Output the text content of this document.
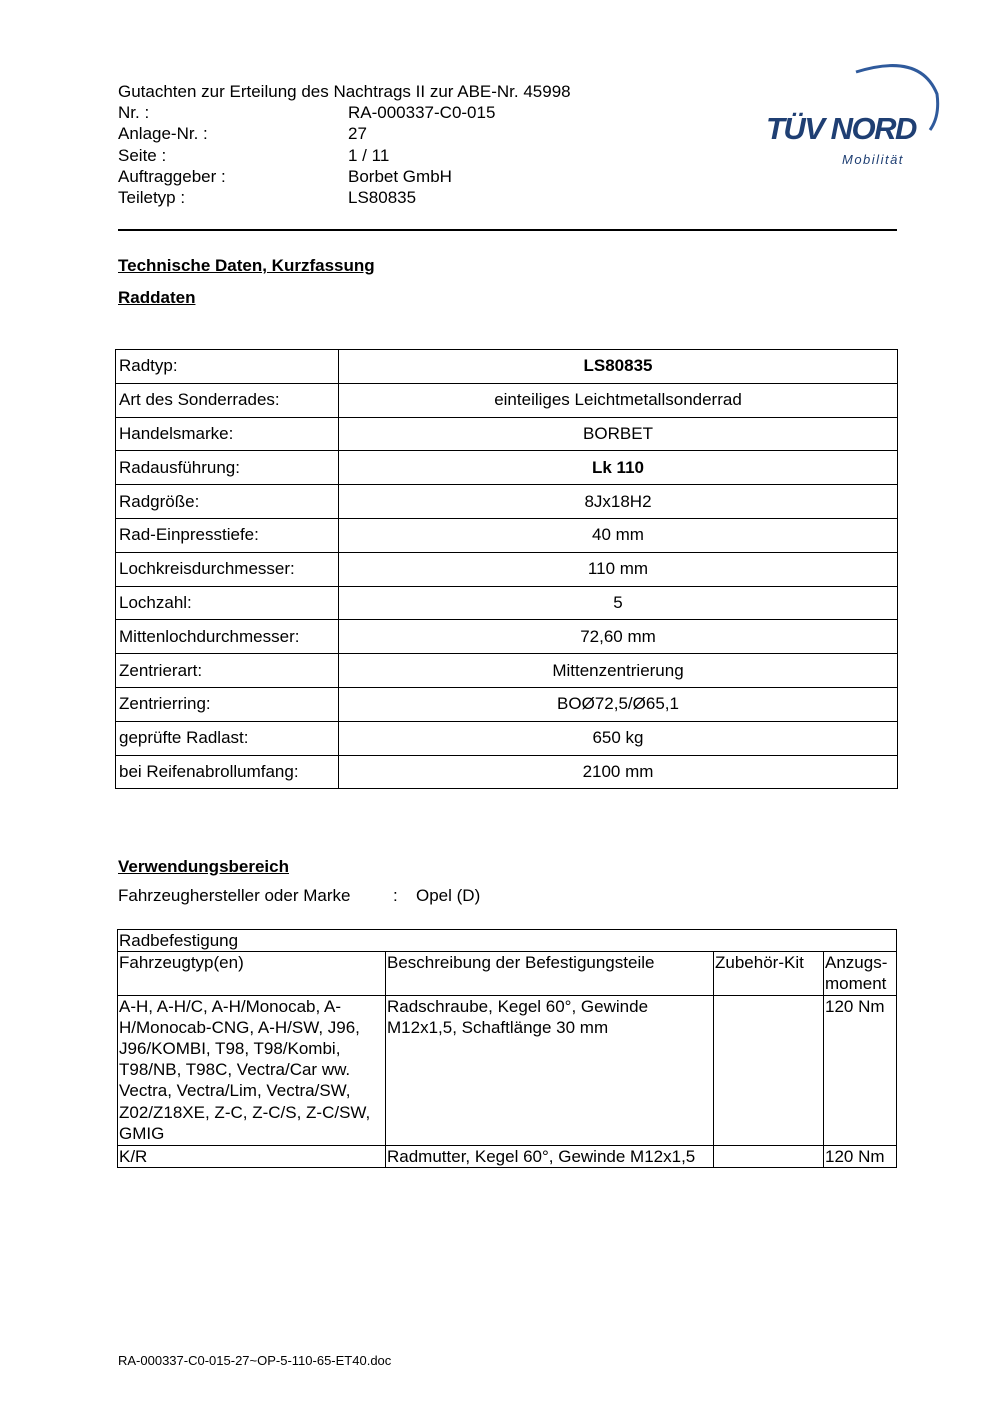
Gutachten zur Erteilung des Nachtrags II zur ABE-Nr. 45998
Nr. :	RA-000337-C0-015
Anlage-Nr. :	27
Seite :	1 / 11
Auftraggeber :	Borbet GmbH
Teiletyp :	LS80835
TÜV NORD
Mobilität
Technische Daten, Kurzfassung
Raddaten
Radtyp:	LS80835
Art des Sonderrades:	einteiliges Leichtmetallsonderrad
Handelsmarke:	BORBET
Radausführung:	Lk 110
Radgröße:	8Jx18H2
Rad-Einpresstiefe:	40 mm
Lochkreisdurchmesser:	110 mm
Lochzahl:	5
Mittenlochdurchmesser:	72,60 mm
Zentrierart:	Mittenzentrierung
Zentrierring:	BOØ72,5/Ø65,1
geprüfte Radlast:	650 kg
bei Reifenabrollumfang:	2100 mm
Verwendungsbereich
Fahrzeughersteller oder Marke	:	Opel (D)
Radbefestigung			
Fahrzeugtyp(en)	Beschreibung der Befestigungsteile	Zubehör-Kit	Anzugs-moment
A-H, A-H/C, A-H/Monocab, A-H/Monocab-CNG, A-H/SW, J96, J96/KOMBI, T98, T98/Kombi, T98/NB, T98C, Vectra/Car ww. Vectra, Vectra/Lim, Vectra/SW, Z02/Z18XE, Z-C, Z-C/S, Z-C/SW, GMIG	Radschraube, Kegel 60°, Gewinde M12x1,5, Schaftlänge 30 mm		120 Nm
K/R	Radmutter, Kegel 60°, Gewinde M12x1,5		120 Nm
RA-000337-C0-015-27~OP-5-110-65-ET40.doc
